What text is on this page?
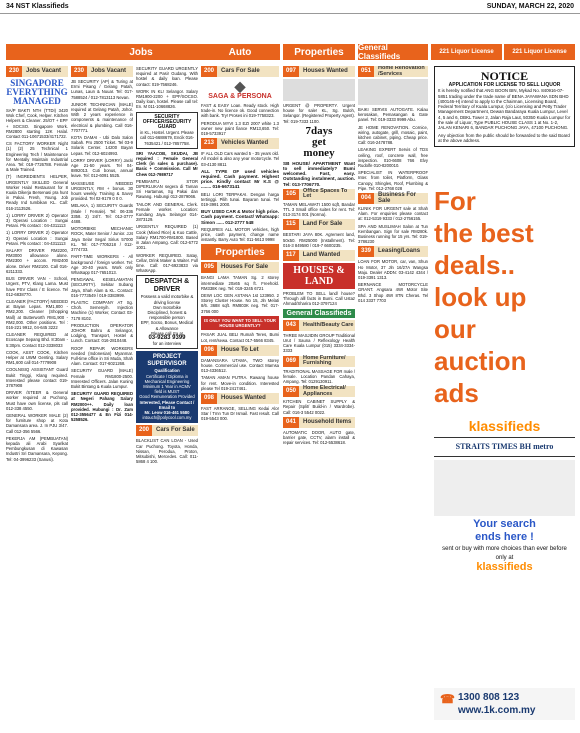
34 NST Klassifieds	SUNDAY, MARCH 22, 2020
Jobs	Auto	Properties	General Classifieds	221
Liquor License	221
Liquor License
230	Jobs Vacant
SINGAPORE EVERYTHING MANAGED
SA/P BAKTI NTH (TTDI) 3420 Wok Chef, Cook, Helper. Kitchen Helpers & Cleaner. 25/OT + EPF + SOCSO. Singapore Work. RM2800 starting 12K Halal. Contact 011-10671533/4171722.
CS FACTORY WORKER Night (1) (2) 25 Technical 1 Engineering Tech / Maintenance for Mentally Maintain Industrial Area. Tel: 019-7726788. Female & Male Trained.
(T) INGREDIENTS HELPER, URGENTLY SKILLED General Worker Halal Restaurant for 8 Kuala Dikerja Bersenasi pra hunt in Pakai. Fresh, Young. Job Ready Ind tumbikan KL. Call: 016-2113526.
1) LORRY DRIVER 2) Operator 3) Operasi Location : Sungai Petani. Pls contact : 04-4311113
1) LORRY DRIVER 2) Operator 3) Operasi Location : Sungai Petani. Pls contact : 04-4311113
SALARY DRIVER RM2200, RM3000 allowance alone. RM2300 + accom. RM2400 alone. Driver RM2100. Call 016-6211333.
BUS DRIVER VAN - School, Urgent, PTV, Klang Lama. Must have PSV Class / E licence. Tel 012-6838770.
CLEANER (FACTORY) NEEDED at Bayan Lepas. RM1,800 - RM2,200. Cleaner (Shopping Mall) at Butterworth RM1,900 - RM2,000. Other positions. Tel : 016-221 9912, 04-645 3222
CLEANER REQUIRED at Ecoscape Sepang Bhd. 8:30am - 5:30pm. Contact 012-3338033
COOK, ASST COOK, Kitchen Helper at UWM Genting. Salary RM1,600 call 014-7779908
COOLNISIQ ASSISTANT Guard Bukit Tinggi, Klang required. Interested please contact 019-3787908
DRIVER /STEER & General worker required at Puchong. Must have own license, pls call 012-338 4550.
GENERAL WORKER MALE (2) for furniture shop at Kota Damansara area. J. In PJU 3/47. Call 012-356 5566.
PEKERJA AM (PEMBUATAN) kepada ali Arabi Syarikat Pembungkusan di Kawasan Industri Sri Damansara, Kepong. Tel: 04-3996233 (Sanusi).
230	Jobs Vacant
JB SECURITY (AP) & Turing at Ermi Pisang / Gelang Patah, Lunas, Laun & Nuuar. Tel: 017-7588524 / 012-7813113 Nevan.
JUNIOR TECHNICIAN (MALE) required at Gelang Patah, Johor. With 2 years experience in components & maintenance of electrical & plumbing. Call 016-7707771.
KOTA DAMAI - Ubi Dalo Salon Sabah. Pro 2500 Ticket. Tel 03-9 Solaris Center. 14200 Bayan Lepas. Tel: 012-6024993.
LORRY DRIVER (LORRY) Jacki Age 21-50 years. Tel 04-8892013. Cuti bonus, annual leave. Tel: 012-6091 5525.
MASSEUSE NEEDED URGENTLY, RM + bonus. 30 hours weekly. Training & Savvy provided. Tel 02-9179 0 0 0.
MELAKA, 1) SECURITY Guards (Male / Female). Tel: 06-336 3358. 2) 24/7. Tel: 012-3777 4488.
MOTORBIKE MECHANIC ROCK, Mater Senior / Junior. JJ4 Jaya Selar Segal Sirius 57000 KL. Tel: 017-7705218 / 012-3774733.
PART-TIME WORKERS - All background / foreign worker. Tel: Age 20-40 years. Work only Whatsapp 017-7651013.
PENGAWAL KESELAMATAN (SECURITY). Sekitar Subang Jaya, Shah Alam & KL. Contact: 016-7773549 / 019-3383999.
PLASTIC COMPANY AT Sg. Choh. Semenyih. Injection Machine (1) Worker, Contact 03-7178 8102.
PRODUCTION OPERATOR JOHOR Bahru & Selangor, Lodging, Transport, Hostel & Lunch. Contact: 016-2810448.
ROOF REPAIR WORKERS needed (Indonesian) Myanmar. Full-time office in Sri Muda, Shah Alam. Contact: 017-6021268.
SECURITY GUARD (MALE) Female RM1800-2500. Interested Officers. Jalan Kuning Bukit Bintang & Kuala Lumpur.
SECURITY GUARD REQUIRED at Negeri Pahang Salary RM2000++. Daily loan provided. Hubungi : Dr. Zam 012-3556477 & En Fizi 014-5258526.
SECURITY GUARD URGENTLY required at Pasir Gudang. With hostel & daily loan. Please contact: 019-7568246.
WORK IN KL! Selangor. Salary RM1900-2200 + EPF/SOCSO. Daily loan, hostel. Please call tel: En. M 011-10668826.
SECURITY OFFICER/SECURITY GUARD
in KL, Hostel. Urgent. Please call 011-6688679, Encik 016-7635421 / 012-7857758.
SRI YAACOB, SKUDAI, JB required : Female General Clerk (in sales & purchase). Basic + Commission. Call Mr Chew 012-7989717
PEMBANTU STOR DIPERLUKAN segera di Taman Sri Hartamas, Sg Pakai dan Rawang. Hubungi 012-2879066.
TAILOR AND GENERAL Clerk. Female worker. Location: Kundang Jaya. Selangor 014-2873129.
URGENTLY REQUIRED (1) Cook (Mixed Rice) & Kuo Cattle, Salary RM1700-RM1800. Based in Jalan Ampang. Call: 012-6772 1001.
WORKER REQUIRED. Satay, Cellar, Drink Maker & Waiter. Full time. Call: 017-6923833 via WhatsApp.
DESPATCH & DRIVER
Possess a valid motorbike & driving license
Own motorbike
Disciplined, honest & responsible person
EPF, Socso, Bonus, Medical & Allowance
Please call Iza at
03-9283 9399
for an interview
PROJECT SUPERVISOR
Qualification
Certificate / Diploma in Mechanical Engineering
Minimum 1 Year in ACMV field is MUST
Good Remuneration Provided
Interested, Please Contact / Email to
Mr. Leow 016-461 5580
intouch@polycool.com.my
200	Cars For Sale
BLACKLIST CAN LOAN - Used Car Puchong. Toyota, Honda, Nissan, Perodua, Proton, Mitsubishi, Mercedes. Call: 011-5868 4 100.
200	Cars For Sale
◆
SAGA & PERSONA
FAST & EASY Loan. Ready stock. High trade-in. No licence ok. Good connection with bank. Try! Proses ini 019-7758323.
PERODUA MYVI 1.3 EZI 2007 white 1.3 owner new paint fiance RM13,650. Tel: 019-5733917
213	Vehicles Wanted
IF ALL OLD Cars wanted 5 - 35 years old. All model & also any year motorcycle. Tel 03-4130 8811
ALL TYPE OF used vehicles required. Cash payment. Highest price. Kindly contact Mr K.S @ ........ 016-6673141
BELI LORI TERPAKAI. Dengan harga tertinggi. Pilih tunai. Bayaran tunai. Tel 019-3991 2000.
BUY USED CAR & Motor high price. Cash payment. Contact/ Whatsapp: Simon ...... 012-2777 548
REQUIRES ALL MOTOR vehicles, high price, cash payment, change name instantly. Barry Auto Tel: 011-5613 9998
Properties
095	Houses For Sale
BANGI LAMA TAMAN Sg. 2 storey intermediate 20x65 sq ft. Freehold. RM338K neg. Tel: 019-3245 6721
DEWI LOC GEN ASTANA 1st 123950. 2 Storey Cluster House. No 15, Jln Melati 8/6. 3688 sqft. RM803K neg. Tel: 017-3766 000
IS ONLY YOU WANT TO SELL YOUR HOUSE URGENTLY?
PASAR JUAL BELI Rumah Teres, Bumi Lot, rent/sewa. Contact 017-5566 8345.
096	House To Let
DAMANSARA UTAMA, TWO storey house. Commercial use. Contact Mamsa 013-4336512.
TAMAN AMAN PUTRA. Rawang house for rent. Move-in condition. Interested please Tel 019-2417461.
098	Houses Wanted
FAST ARRANGE, SELLING Kedai Alor Star / Tmn Tun Dr Ismail. Fast result. Call 019-5543 000.
097	Houses Wanted
URGENT @ PROPERTY. Urgent house for sale! KL, Sg. Buloh, Selangor. (Registered Property Agent). Tel: 019-7333 1100.
7days
get
money
SB HOUSE/ APARTMENT Want to sell immediately? Bumi welcomed. Fast, easy. Outstanding instalment, auction. Tel: 013-7706770.
105	Office Spaces To Let
TAMAN MELAWATI 1500 sqft, Bandar TTL 3 Small office suites for rent. Tel: 013-3174 001 (Norma).
115	Land For Sale
BESTARI JAYA 80K. Agrement land, 50x50. RM25000 (Installment). Tel: 016-3 849580 / 019-7 6600235.
117	Land Wanted
HOUSES & LAND
PROBLEM TO SELL land/ house? Through alll facts in Bumi. Call Ustaz Ahmad/Sharira 012-3797124
General Classifieds
043	Health/Beauty Care
THREE MASJIDIN GROUP Traditional Urut / Sauna / Reflexology Health Care Kuala Lumpur (015) 3334-3334-3333
069	Home Furniture/ Furnishing
TRADITIONAL MASSAGE FOR male / female. Location Pandan Cahaya, Ampang. Tel: 0129130911.
050	Home Electrical/ Appliances
KITCHEN CABINET SUPPLY & Repair (Split/ Build-in / Wardrobe). Call: 016-3 5542 0022.
041	Household Items
AUTOMATIC DOOR, AUTO gate, barrier gate, CCTV, alarm install & repair services. Tel: 012-5538618.
051	Home Renovation /Services
BAIKI SERVIS AUTOGATE. Kalau kerosakan, Pemasangan & Gate panel. Tel: 019-3333 9999 Abu.
JE HOME RENOVATION. Cornice, wiring, autogate, grill, mosaic, paint, kitchen cabinet, piping. Cheap price. Call: 016-2478788.
LEAKING EXPERT Servis of TDS ceiling, roof, concrete wall, free inspection. 010-6608 766 Elvy Rudolfe 010-8200010.
SPECIALIST IN WATERPROOF Inter. from toilet, Platform, Glass Canopy, Shingles, Roof, Plumbing & Pipe. Tel: 012-2768 028
004	Business For Sale
KLINIK FOR URGENT sale at Shah Alam. For enquiries please contact at: 012-5319 9333 / 012-2756155.
SPA AND MUSLIMAH Salon at Tun Kembangan. Sign for sale RM280k. Business running for 15 yrs. Tel: 019-3786230
339	Leasing/Loans
LOAN FOR MOTOR, car, van, Shun Ho Motor, 37 Jln 16/27A Wangsa Maju. Dealer ADDN: 03-4142 4344 / 019-3391 1313.
BERNANCE MOTORCYCLE GRANT. Angsara 4WI Motor Site Bhd. 3 Shop 4WI 8TN Cheras. Tel 014 3337 7703
NOTICE
APPLICATION FOR LICENSE TO SELL LIQUOR
It is hereby notified that ANG BOON BIN, Mykad No. 840916-07-5851 trading under the trade name of BENA JAYAWANA SDN BHD (400146-H) intend to apply to the Chairman, Licensing Board, Federal Territory of Kuala Lumpur, (c/o Licensing and Petty Trader Management Department, Dewan Bandaraya Kuala Lumpur, Level 4, 5 and 6, DBKL Tower 2, Jalan Raja Laut, 50350 Kuala Lumpur for the sale of Liquor, Type PUBLIC HOUSE CLASS 1 at No. 1-2, JALAN KENARI 6, BANDAR PUCHONG JAYA, 47100 PUCHONG.
Any objection from the public should be forwarded to the said Board at the above address.
For
the best
deals..
look up
our
auction
ads
klassifieds
STRAITS TIMES BH metro
Your search
ends here !
sent or buy with more choices than ever before
only at
klassifieds
☎ 1300 808 123
www.1k.com.my
